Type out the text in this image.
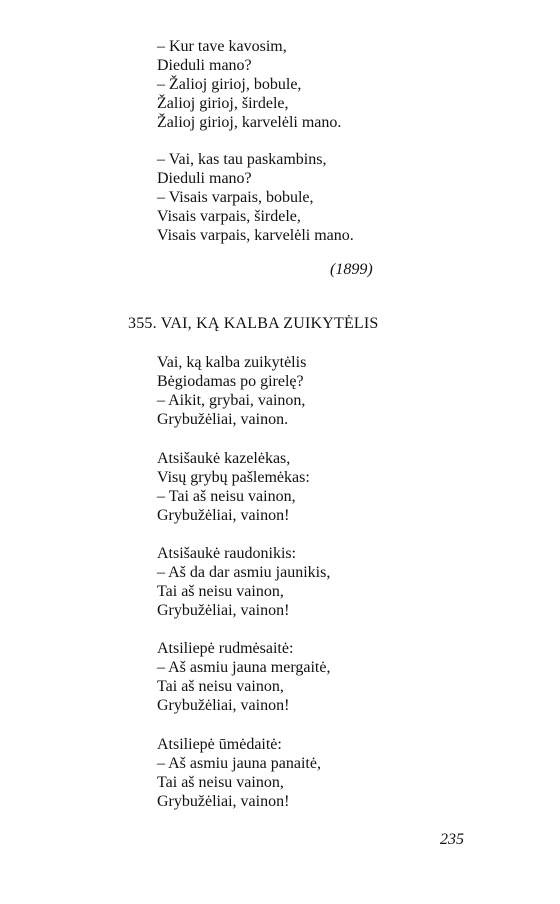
– Kur tave kavosim,
Dieduli mano?
– Žalioj girioj, bobule,
Žalioj girioj, širdele,
Žalioj girioj, karvelėli mano.
– Vai, kas tau paskambins,
Dieduli mano?
– Visais varpais, bobule,
Visais varpais, širdele,
Visais varpais, karvelėli mano.
(1899)
355. VAI, KĄ KALBA ZUIKYTĖLIS
Vai, ką kalba zuikytėlis
Bėgiodamas po girelę?
– Aikit, grybai, vainon,
Grybužėliai, vainon.
Atsišaukė kazelėkas,
Visų grybų pašlemėkas:
– Tai aš neisu vainon,
Grybužėliai, vainon!
Atsišaukė raudonikis:
– Aš da dar asmiu jaunikis,
Tai aš neisu vainon,
Grybužėliai, vainon!
Atsiliepė rudmėsaitė:
– Aš asmiu jauna mergaitė,
Tai aš neisu vainon,
Grybužėliai, vainon!
Atsiliepė ūmėdaitė:
– Aš asmiu jauna panaitė,
Tai aš neisu vainon,
Grybužėliai, vainon!
235
